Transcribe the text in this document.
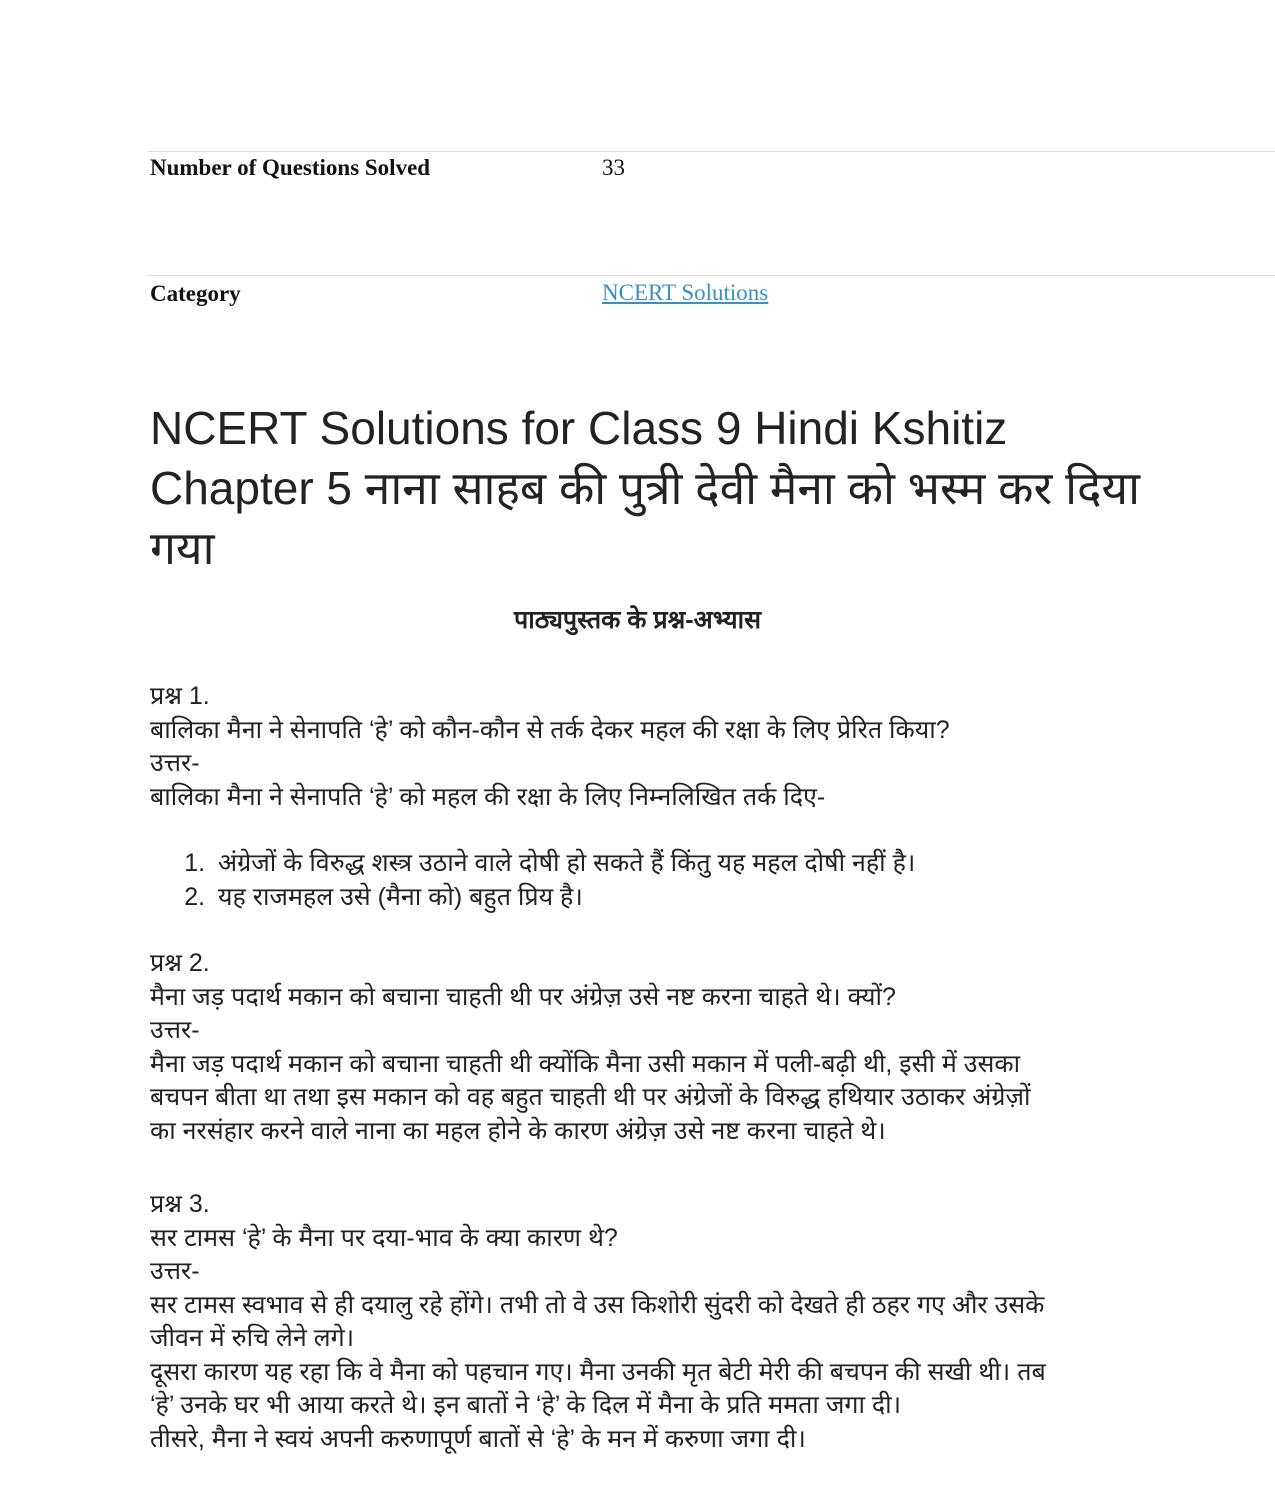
Number of Questions Solved	33
Category	NCERT Solutions
NCERT Solutions for Class 9 Hindi Kshitiz Chapter 5 नाना साहब की पुत्री देवी मैना को भस्म कर दिया गया
पाठ्यपुस्तक के प्रश्न-अभ्यास

प्रश्न 1.
बालिका मैना ने सेनापति ‘हे’ को कौन-कौन से तर्क देकर महल की रक्षा के लिए प्रेरित किया?
उत्तर-
बालिका मैना ने सेनापति ‘हे’ को महल की रक्षा के लिए निम्नलिखित तर्क दिए-

1. अंग्रेजों के विरुद्ध शस्त्र उठाने वाले दोषी हो सकते हैं किंतु यह महल दोषी नहीं है।
2. यह राजमहल उसे (मैना को) बहुत प्रिय है।

प्रश्न 2.
मैना जड़ पदार्थ मकान को बचाना चाहती थी पर अंग्रेज़ उसे नष्ट करना चाहते थे। क्यों?
उत्तर-
मैना जड़ पदार्थ मकान को बचाना चाहती थी क्योंकि मैना उसी मकान में पली-बढ़ी थी, इसी में उसका
बचपन बीता था तथा इस मकान को वह बहुत चाहती थी पर अंग्रेजों के विरुद्ध हथियार उठाकर अंग्रेज़ों
का नरसंहार करने वाले नाना का महल होने के कारण अंग्रेज़ उसे नष्ट करना चाहते थे।

प्रश्न 3.
सर टामस ‘हे’ के मैना पर दया-भाव के क्या कारण थे?
उत्तर-
सर टामस स्वभाव से ही दयालु रहे होंगे। तभी तो वे उस किशोरी सुंदरी को देखते ही ठहर गए और उसके
जीवन में रुचि लेने लगे।
दूसरा कारण यह रहा कि वे मैना को पहचान गए। मैना उनकी मृत बेटी मेरी की बचपन की सखी थी। तब
‘हे’ उनके घर भी आया करते थे। इन बातों ने ‘हे’ के दिल में मैना के प्रति ममता जगा दी।
तीसरे, मैना ने स्वयं अपनी करुणापूर्ण बातों से ‘हे’ के मन में करुणा जगा दी।
